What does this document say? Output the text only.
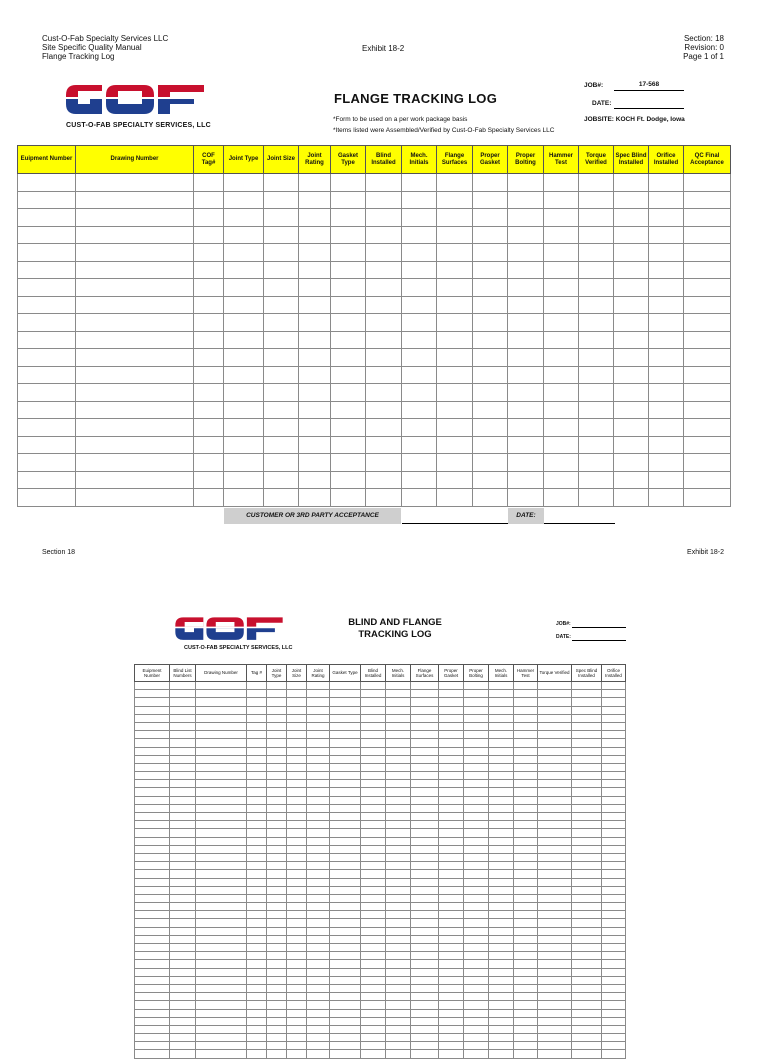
Cust-O-Fab Specialty Services LLC
Site Specific Quality Manual
Flange Tracking Log
Exhibit 18-2
Section: 18
Revision: 0
Page 1 of 1
CUST-O-FAB SPECIALTY SERVICES, LLC
FLANGE TRACKING LOG
*Form to be used on a per work package basis
*Items listed were Assembled/Verified by Cust-O-Fab Specialty Services LLC
JOB#:	17-568
DATE:
JOBSITE: KOCH Ft. Dodge, Iowa
Euipment Number	Drawing Number	COF Tag#	Joint Type	Joint Size	Joint Rating	Gasket Type	Blind Installed	Mech. Initials	Flange Surfaces	Proper Gasket	Proper Bolting	Hammer Test	Torque Verified	Spec Blind Installed	Orifice Installed	QC Final Acceptance

CUSTOMER OR 3RD PARTY ACCEPTANCE	DATE:
Section 18	Exhibit 18-2
CUST-O-FAB SPECIALTY SERVICES, LLC
BLIND AND FLANGE
TRACKING LOG
JOB#:
DATE:
Euipment Number	Blind List Numbers	Drawing Number	Tag #	Joint Type	Joint Size	Joint Rating	Gasket Type	Blind Installed	Mech. Initials	Flange Surfaces	Proper Gasket	Proper Bolting	Mech. Initials	Hammer Test	Torque Verified	Spec Blind Installed	Orifice Installed
